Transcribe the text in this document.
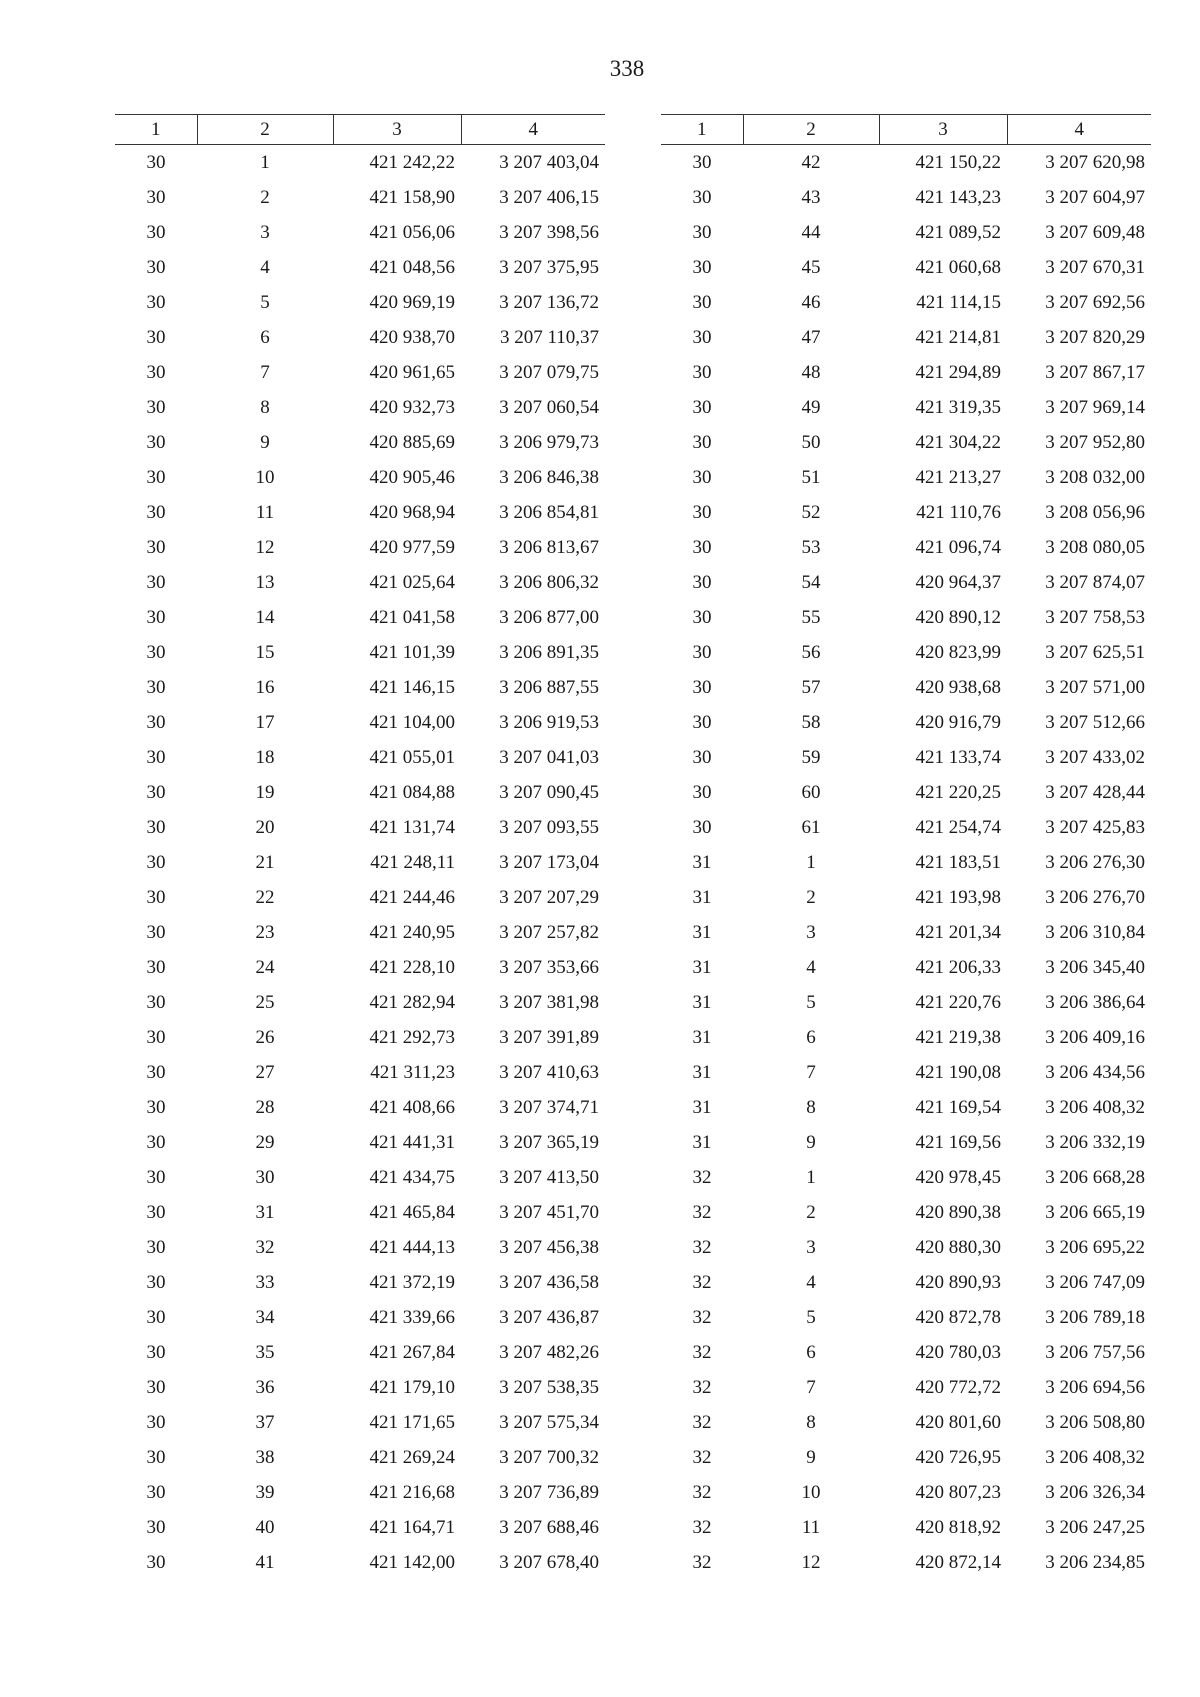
338
1	2	3	4
30	1	421 242,22	3 207 403,04
30	2	421 158,90	3 207 406,15
30	3	421 056,06	3 207 398,56
30	4	421 048,56	3 207 375,95
30	5	420 969,19	3 207 136,72
30	6	420 938,70	3 207 110,37
30	7	420 961,65	3 207 079,75
30	8	420 932,73	3 207 060,54
30	9	420 885,69	3 206 979,73
30	10	420 905,46	3 206 846,38
30	11	420 968,94	3 206 854,81
30	12	420 977,59	3 206 813,67
30	13	421 025,64	3 206 806,32
30	14	421 041,58	3 206 877,00
30	15	421 101,39	3 206 891,35
30	16	421 146,15	3 206 887,55
30	17	421 104,00	3 206 919,53
30	18	421 055,01	3 207 041,03
30	19	421 084,88	3 207 090,45
30	20	421 131,74	3 207 093,55
30	21	421 248,11	3 207 173,04
30	22	421 244,46	3 207 207,29
30	23	421 240,95	3 207 257,82
30	24	421 228,10	3 207 353,66
30	25	421 282,94	3 207 381,98
30	26	421 292,73	3 207 391,89
30	27	421 311,23	3 207 410,63
30	28	421 408,66	3 207 374,71
30	29	421 441,31	3 207 365,19
30	30	421 434,75	3 207 413,50
30	31	421 465,84	3 207 451,70
30	32	421 444,13	3 207 456,38
30	33	421 372,19	3 207 436,58
30	34	421 339,66	3 207 436,87
30	35	421 267,84	3 207 482,26
30	36	421 179,10	3 207 538,35
30	37	421 171,65	3 207 575,34
30	38	421 269,24	3 207 700,32
30	39	421 216,68	3 207 736,89
30	40	421 164,71	3 207 688,46
30	41	421 142,00	3 207 678,40
1	2	3	4
30	42	421 150,22	3 207 620,98
30	43	421 143,23	3 207 604,97
30	44	421 089,52	3 207 609,48
30	45	421 060,68	3 207 670,31
30	46	421 114,15	3 207 692,56
30	47	421 214,81	3 207 820,29
30	48	421 294,89	3 207 867,17
30	49	421 319,35	3 207 969,14
30	50	421 304,22	3 207 952,80
30	51	421 213,27	3 208 032,00
30	52	421 110,76	3 208 056,96
30	53	421 096,74	3 208 080,05
30	54	420 964,37	3 207 874,07
30	55	420 890,12	3 207 758,53
30	56	420 823,99	3 207 625,51
30	57	420 938,68	3 207 571,00
30	58	420 916,79	3 207 512,66
30	59	421 133,74	3 207 433,02
30	60	421 220,25	3 207 428,44
30	61	421 254,74	3 207 425,83
31	1	421 183,51	3 206 276,30
31	2	421 193,98	3 206 276,70
31	3	421 201,34	3 206 310,84
31	4	421 206,33	3 206 345,40
31	5	421 220,76	3 206 386,64
31	6	421 219,38	3 206 409,16
31	7	421 190,08	3 206 434,56
31	8	421 169,54	3 206 408,32
31	9	421 169,56	3 206 332,19
32	1	420 978,45	3 206 668,28
32	2	420 890,38	3 206 665,19
32	3	420 880,30	3 206 695,22
32	4	420 890,93	3 206 747,09
32	5	420 872,78	3 206 789,18
32	6	420 780,03	3 206 757,56
32	7	420 772,72	3 206 694,56
32	8	420 801,60	3 206 508,80
32	9	420 726,95	3 206 408,32
32	10	420 807,23	3 206 326,34
32	11	420 818,92	3 206 247,25
32	12	420 872,14	3 206 234,85
